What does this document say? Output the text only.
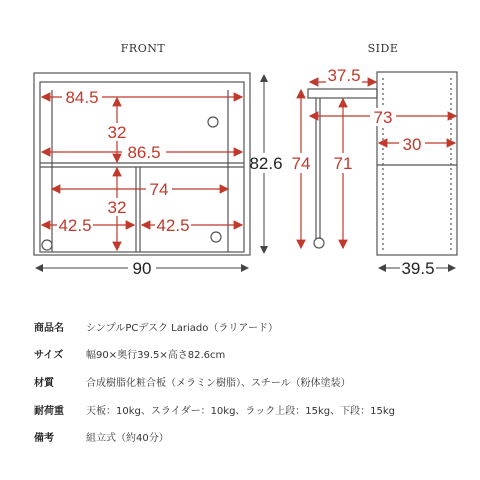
FRONT	SIDE
84.5
32
86.5
74
32
42.5	42.5
90
82.6
37.5
73
30
74 71
39.5
商品名 シンプルPCデスク Lariado（ラリアード）
サイズ 幅90×奥行39.5×高さ82.6cm
材質	合成樹脂化粧合板（メラミン樹脂）、スチール（粉体塗装）
耐荷重 天板：10kg、スライダー：10kg、ラック上段：15kg、下段：15kg
備考	組立式（約40分）
